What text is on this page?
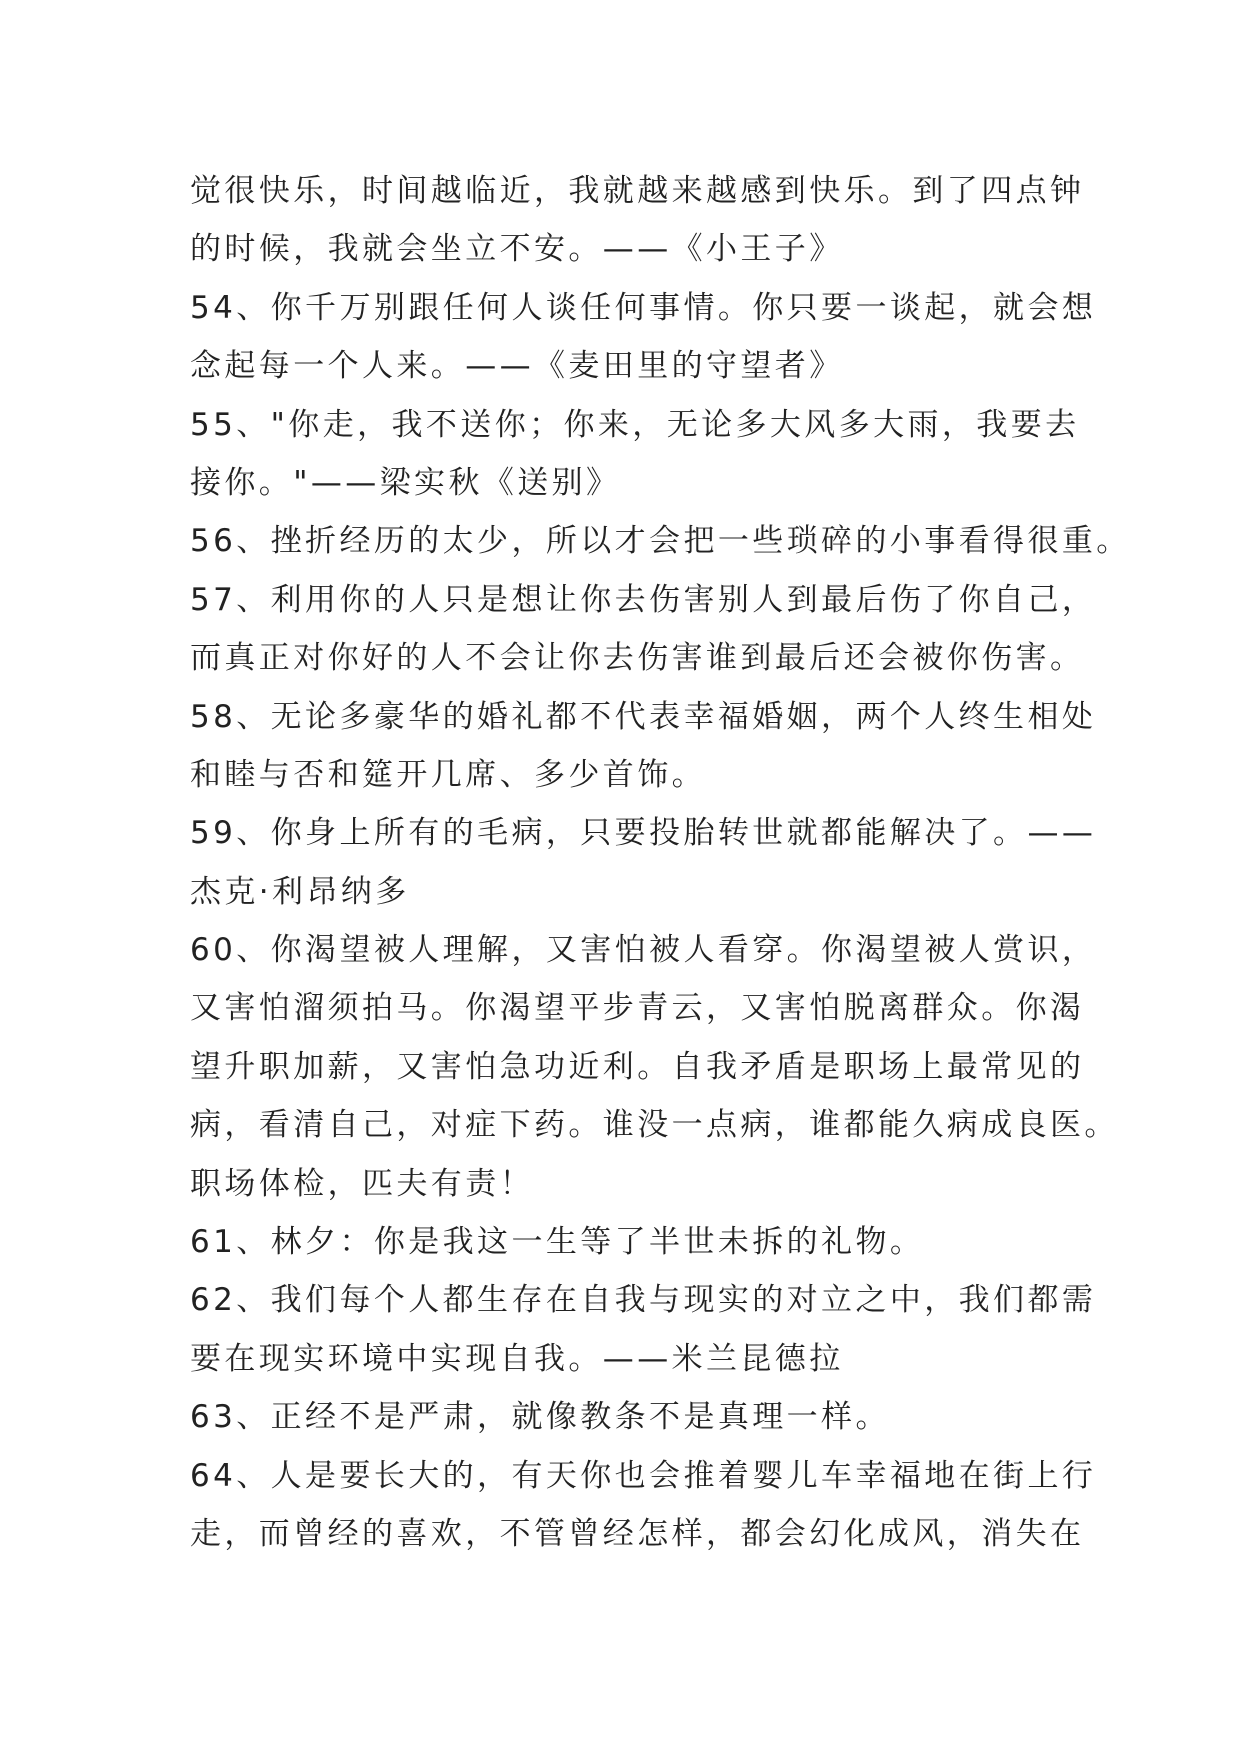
觉很快乐，时间越临近，我就越来越感到快乐。到了四点钟
的时候，我就会坐立不安。——《小王子》
54、你千万别跟任何人谈任何事情。你只要一谈起，就会想
念起每一个人来。——《麦田里的守望者》
55、"你走，我不送你；你来，无论多大风多大雨，我要去
接你。"——梁实秋《送别》
56、挫折经历的太少，所以才会把一些琐碎的小事看得很重。
57、利用你的人只是想让你去伤害别人到最后伤了你自己，
而真正对你好的人不会让你去伤害谁到最后还会被你伤害。
58、无论多豪华的婚礼都不代表幸福婚姻，两个人终生相处
和睦与否和筵开几席、多少首饰。
59、你身上所有的毛病，只要投胎转世就都能解决了。——
杰克·利昂纳多
60、你渴望被人理解，又害怕被人看穿。你渴望被人赏识，
又害怕溜须拍马。你渴望平步青云，又害怕脱离群众。你渴
望升职加薪，又害怕急功近利。自我矛盾是职场上最常见的
病，看清自己，对症下药。谁没一点病，谁都能久病成良医。
职场体检，匹夫有责！
61、林夕：你是我这一生等了半世未拆的礼物。
62、我们每个人都生存在自我与现实的对立之中，我们都需
要在现实环境中实现自我。——米兰昆德拉
63、正经不是严肃，就像教条不是真理一样。
64、人是要长大的，有天你也会推着婴儿车幸福地在街上行
走，而曾经的喜欢，不管曾经怎样，都会幻化成风，消失在
